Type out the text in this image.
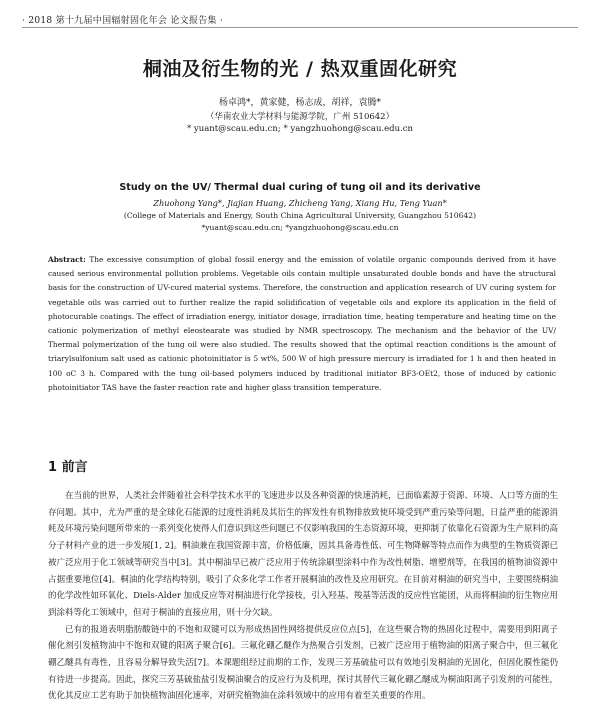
· 2018 第十九届中国辐射固化年会 论文报告集 ·
桐油及衍生物的光 / 热双重固化研究
杨卓鸿*，黄家健，杨志成，胡祥，袁腾*
（华南农业大学材料与能源学院，广州 510642）
* yuant@scau.edu.cn; * yangzhuohong@scau.edu.cn
Study on the UV/ Thermal dual curing of tung oil and its derivative
Zhuohong Yang*, Jiajian Huang, Zhicheng Yang, Xiang Hu, Teng Yuan*
(College of Materials and Energy, South China Agricultural University, Guangzhou 510642)
*yuant@scau.edu.cn; *yangzhuohong@scau.edu.cn
Abstract: The excessive consumption of global fossil energy and the emission of volatile organic compounds derived from it have caused serious environmental pollution problems. Vegetable oils contain multiple unsaturated double bonds and have the structural basis for the construction of UV-cured material systems. Therefore, the construction and application research of UV curing system for vegetable oils was carried out to further realize the rapid solidification of vegetable oils and explore its application in the field of photocurable coatings. The effect of irradiation energy, initiator dosage, irradiation time, heating temperature and heating time on the cationic polymerization of methyl eleostearate was studied by NMR spectroscopy. The mechanism and the behavior of the UV/ Thermal polymerization of the tung oil were also studied. The results showed that the optimal reaction conditions is the amount of triarylsulfonium salt used as cationic photoinitiator is 5 wt%, 500 W of high pressure mercury is irradiated for 1 h and then heated in 100 oC 3 h. Compared with the tung oil-based polymers induced by traditional initiator BF3-OEt2, those of induced by cationic photoinitiator TAS have the faster reaction rate and higher glass transition temperature.
1 前言

在当前的世界，人类社会伴随着社会科学技术水平的飞速进步以及各种资源的快速消耗，已面临素源于资源、环境、人口等方面的生存问题。其中，尤为严重的是全球化石能源的过度性消耗及其衍生的挥发性有机物排放致使环境受到严重污染等问题，日益严重的能源消耗及环境污染问题所带来的一系列变化使得人们意识到这些问题已不仅影响我国的生态资源环境，更抑制了依靠化石资源为生产原料的高分子材料产业的进一步发展[1, 2]。桐油兼在我国资源丰富，价格低廉，因其具备毒性低、可生物降解等特点而作为典型的生物质资源已被广泛应用于化工领域等研究当中[3]。其中桐油早已被广泛应用于传统涂刷型涂料中作为改性树脂、增塑剂等，在我国的植物油资源中占据重要地位[4]。桐油的化学结构特别，吸引了众多化学工作者开展桐油的改性及应用研究。在目前对桐油的研究当中，主要围绕桐油的化学改性如环氧化、Diels-Alder 加成反应等对桐油进行化学接枝，引入羟基、羧基等活泼的反应性官能团，从而将桐油的衍生物应用到涂料等化工领域中，但对于桐油的直接应用，则十分欠缺。

已有的报道表明脂肪酸链中的不饱和双键可以为形成热固性网络提供反应位点[5]，在这些聚合物的热固化过程中，需要用到阳离子催化剂引发植物油中不饱和双键的阳离子聚合[6]。三氟化硼乙醚作为热聚合引发剂，已被广泛应用于植物油的阳离子聚合中，但三氟化硼乙醚具有毒性，且容易分解导致失活[7]。本课题组经过前期的工作，发现三芳基硫盐可以有效地引发桐油的光固化，但固化膜性能仍有待进一步提高。因此，探究三芳基硫盐盐引发桐油聚合的反应行为及机理，探讨其替代三氟化硼乙醚成为桐油阳离子引发剂的可能性，优化其反应工艺有助于加快植物油固化速率，对研究植物油在涂料领域中的应用有着至关重要的作用。
